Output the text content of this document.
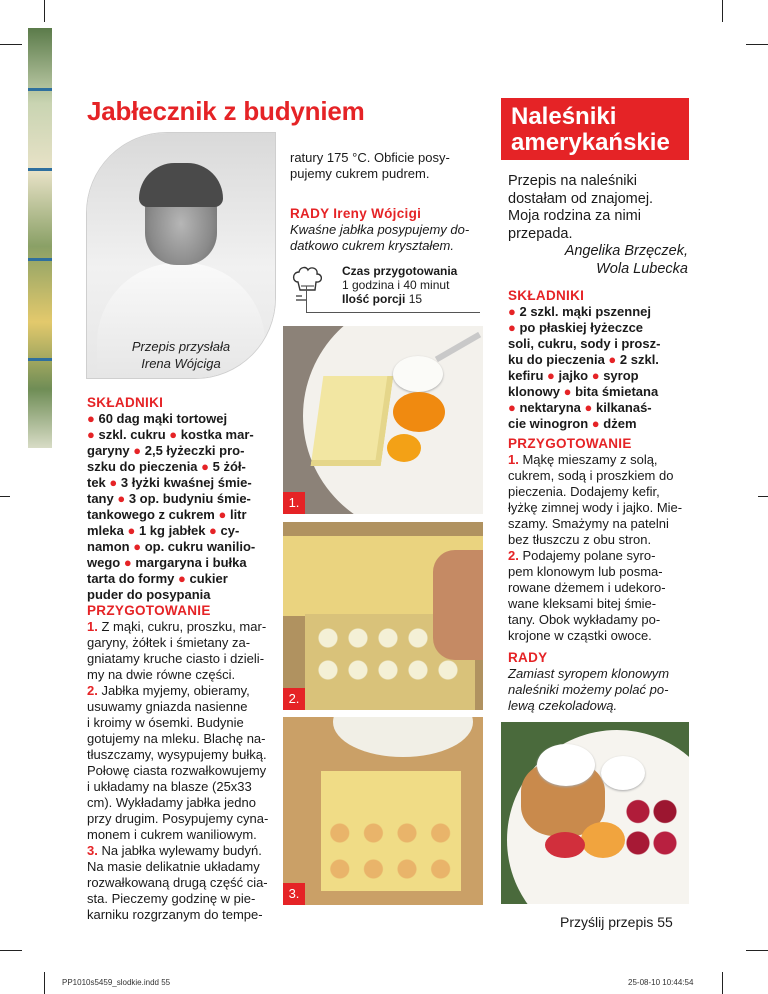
Jabłecznik z budyniem
Przepis przysłała
Irena Wójciga
SKŁADNIKI
● 60 dag mąki tortowej
● szkl. cukru ● kostka mar-
garyny ● 2,5 łyżeczki pro-
szku do pieczenia ● 5 żół-
tek ● 3 łyżki kwaśnej śmie-
tany ● 3 op. budyniu śmie-
tankowego z cukrem ● litr
mleka ● 1 kg jabłek ● cy-
namon ● op. cukru wanilio-
wego ● margaryna i bułka
tarta do formy ● cukier
puder do posypania
PRZYGOTOWANIE
1. Z mąki, cukru, proszku, mar-
garyny, żółtek i śmietany za-
gniatamy kruche ciasto i dzieli-
my na dwie równe części.
2. Jabłka myjemy, obieramy,
usuwamy gniazda nasienne
i kroimy w ósemki. Budynie
gotujemy na mleku. Blachę na-
tłuszczamy, wysypujemy bułką.
Połowę ciasta rozwałkowujemy
i układamy na blasze (25x33
cm). Wykładamy jabłka jedno
przy drugim. Posypujemy cyna-
monem i cukrem waniliowym.
3. Na jabłka wylewamy budyń.
Na masie delikatnie układamy
rozwałkowaną drugą część cia-
sta. Pieczemy godzinę w pie-
karniku rozgrzanym do tempe-
ratury 175 °C. Obficie posy-
pujemy cukrem pudrem.
RADY Ireny Wójcigi
Kwaśne jabłka posypujemy do-
datkowo cukrem kryształem.
Czas przygotowania
1 godzina i 40 minut
Ilość porcji 15
1.
2.
3.
Naleśniki
amerykańskie
Przepis na naleśniki
dostałam od znajomej.
Moja rodzina za nimi
przepada.
Angelika Brzęczek,
Wola Lubecka
SKŁADNIKI
● 2 szkl. mąki pszennej
● po płaskiej łyżeczce
soli, cukru, sody i prosz-
ku do pieczenia ● 2 szkl.
kefiru ● jajko ● syrop
klonowy ● bita śmietana
● nektaryna ● kilkanaś-
cie winogron ● dżem
PRZYGOTOWANIE
1. Mąkę mieszamy z solą,
cukrem, sodą i proszkiem do
pieczenia. Dodajemy kefir,
łyżkę zimnej wody i jajko. Mie-
szamy. Smażymy na patelni
bez tłuszczu z obu stron.
2. Podajemy polane syro-
pem klonowym lub posma-
rowane dżemem i udekoro-
wane kleksami bitej śmie-
tany. Obok wykładamy po-
krojone w cząstki owoce.
RADY
Zamiast syropem klonowym
naleśniki możemy polać po-
lewą czekoladową.
Przyślij przepis 55
PP1010s5459_slodkie.indd 55	25-08-10 10:44:54
